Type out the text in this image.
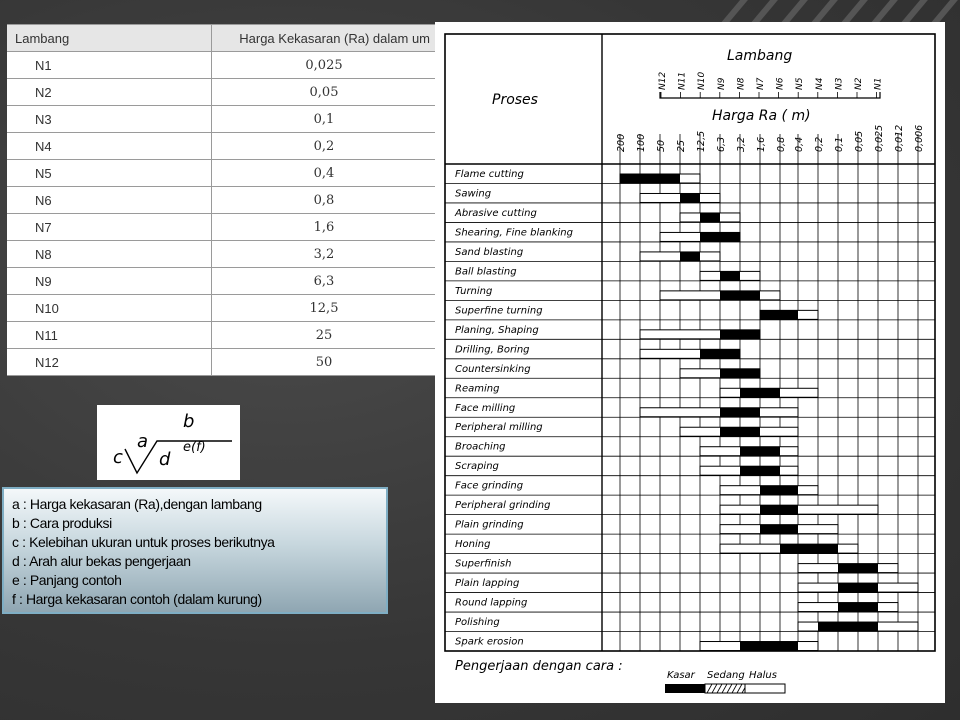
Lambang	Harga Kekasaran (Ra) dalam um
N1	0,025
N2	0,05
N3	0,1
N4	0,2
N5	0,4
N6	0,8
N7	1,6
N8	3,2
N9	6,3
N10	12,5
N11	25
N12	50
c
a
b
d
e(f)
a : Harga kekasaran (Ra),dengan lambang
b : Cara produksi
c : Kelebihan ukuran untuk proses berikutnya
d : Arah alur bekas pengerjaan
e : Panjang contoh
f : Harga kekasaran contoh (dalam kurung)
Proses
Lambang
Harga Ra ( m)
N12 N11 N10 N9 N8 N7 N6 N5 N4 N3 N2 N1
200 100 50 25 12,5 6,3 3,2 1,6 0,8 0,4 0,2 0,1 0,05 0,025 0,012 0,006
Flame cutting
Sawing
Abrasive cutting
Shearing, Fine blanking
Sand blasting
Ball blasting
Turning
Superfine turning
Planing, Shaping
Drilling, Boring
Countersinking
Reaming
Face milling
Peripheral milling
Broaching
Scraping
Face grinding
Peripheral grinding
Plain grinding
Honing
Superfinish
Plain lapping
Round lapping
Polishing
Spark erosion
Pengerjaan dengan cara :
Kasar Sedang Halus
